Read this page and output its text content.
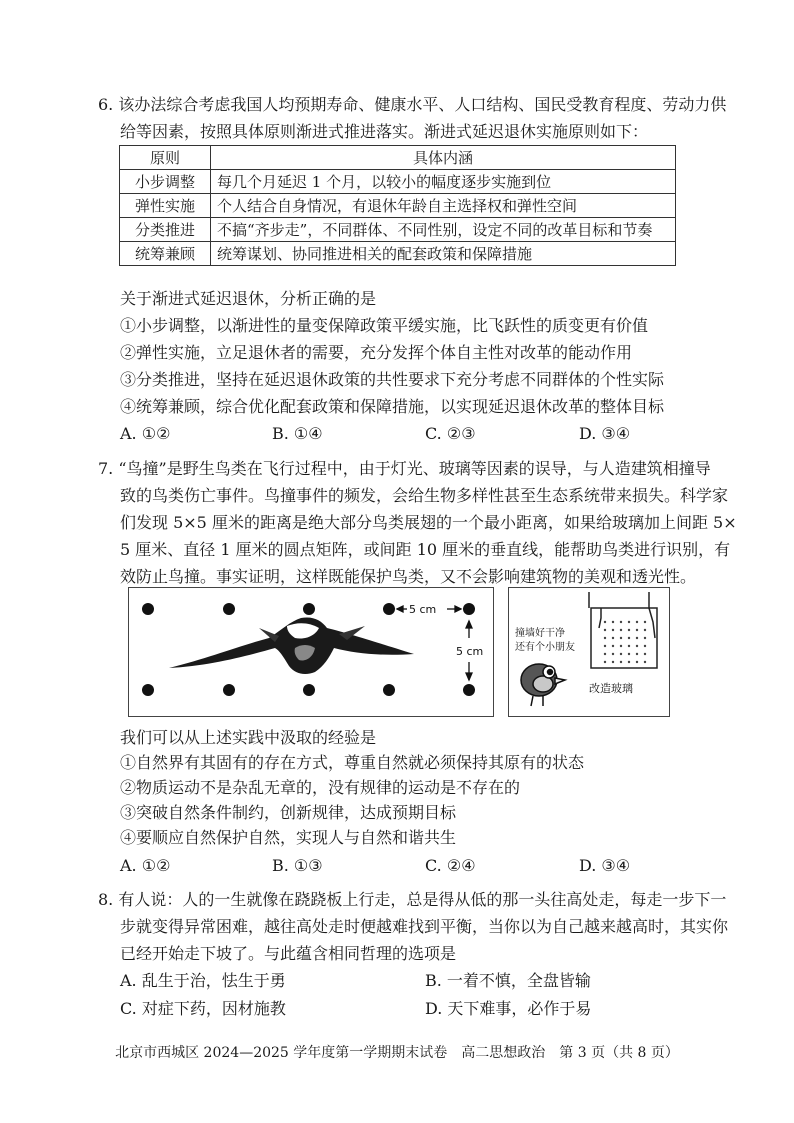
6. 该办法综合考虑我国人均预期寿命、健康水平、人口结构、国民受教育程度、劳动力供
给等因素，按照具体原则渐进式推进落实。渐进式延迟退休实施原则如下：
原则	具体内涵
小步调整	每几个月延迟 1 个月，以较小的幅度逐步实施到位
弹性实施	个人结合自身情况，有退休年龄自主选择权和弹性空间
分类推进	不搞“齐步走”，不同群体、不同性别，设定不同的改革目标和节奏
统筹兼顾	统筹谋划、协同推进相关的配套政策和保障措施
关于渐进式延迟退休，分析正确的是
①小步调整，以渐进性的量变保障政策平缓实施，比飞跃性的质变更有价值
②弹性实施，立足退休者的需要，充分发挥个体自主性对改革的能动作用
③分类推进，坚持在延迟退休政策的共性要求下充分考虑不同群体的个性实际
④统筹兼顾，综合优化配套政策和保障措施，以实现延迟退休改革的整体目标
A. ①②	B. ①④	C. ②③	D. ③④
7. “鸟撞”是野生鸟类在飞行过程中，由于灯光、玻璃等因素的误导，与人造建筑相撞导
致的鸟类伤亡事件。鸟撞事件的频发，会给生物多样性甚至生态系统带来损失。科学家
们发现 5×5 厘米的距离是绝大部分鸟类展翅的一个最小距离，如果给玻璃加上间距 5×
5 厘米、直径 1 厘米的圆点矩阵，或间距 10 厘米的垂直线，能帮助鸟类进行识别，有
效防止鸟撞。事实证明，这样既能保护鸟类，又不会影响建筑物的美观和透光性。
5 cm
5 cm
撞墙好干净
还有个小朋友
改造玻璃
我们可以从上述实践中汲取的经验是
①自然界有其固有的存在方式，尊重自然就必须保持其原有的状态
②物质运动不是杂乱无章的，没有规律的运动是不存在的
③突破自然条件制约，创新规律，达成预期目标
④要顺应自然保护自然，实现人与自然和谐共生
A. ①②	B. ①③	C. ②④	D. ③④
8. 有人说：人的一生就像在跷跷板上行走，总是得从低的那一头往高处走，每走一步下一
步就变得异常困难，越往高处走时便越难找到平衡，当你以为自己越来越高时，其实你
已经开始走下坡了。与此蕴含相同哲理的选项是
A. 乱生于治，怯生于勇	B. 一着不慎，全盘皆输
C. 对症下药，因材施教	D. 天下难事，必作于易
北京市西城区 2024—2025 学年度第一学期期末试卷　高二思想政治　第 3 页（共 8 页）
